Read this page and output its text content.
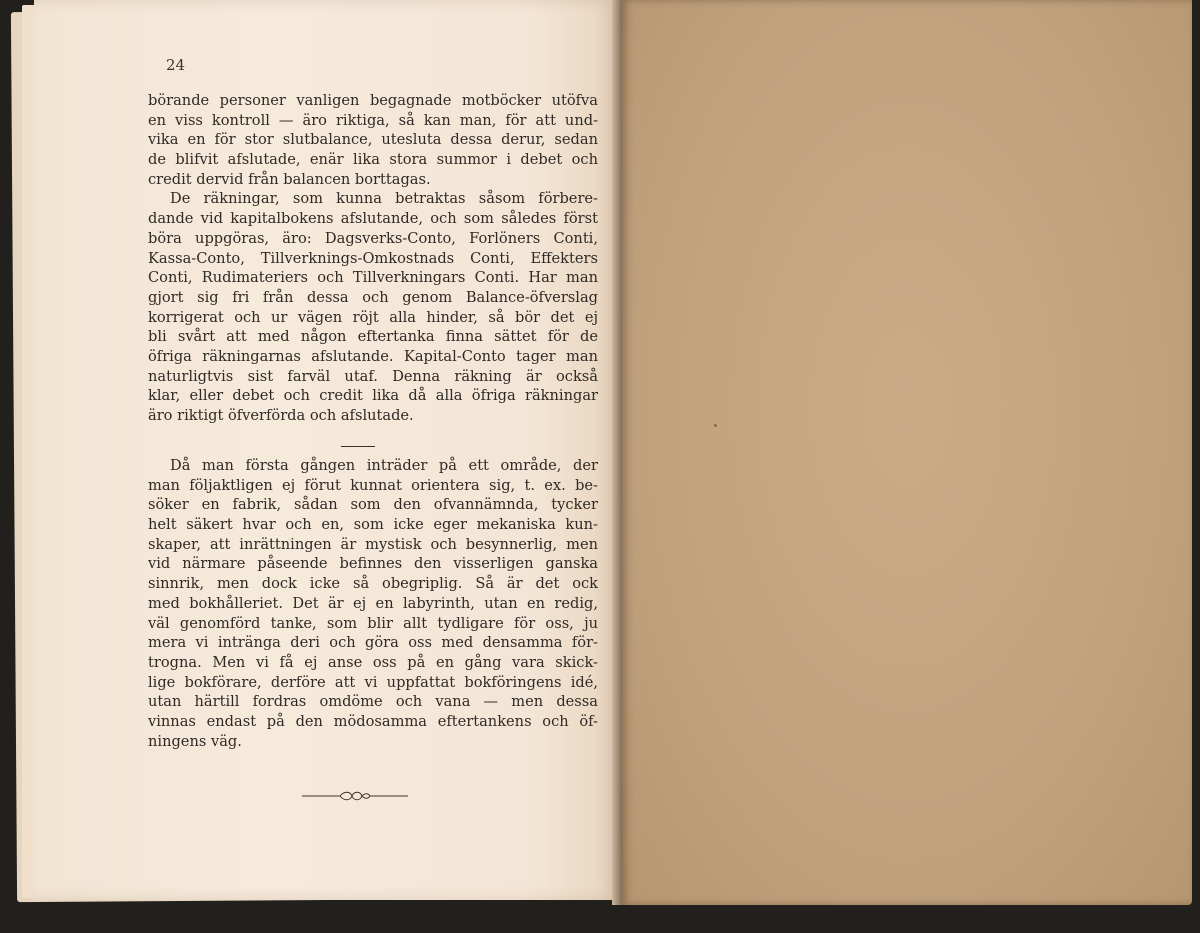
24
börande personer vanligen begagnade motböcker utöfva
en viss kontroll — äro riktiga, så kan man, för att und-
vika en för stor slutbalance, utesluta dessa derur, sedan
de blifvit afslutade, enär lika stora summor i debet och
credit dervid från balancen borttagas.
De räkningar, som kunna betraktas såsom förbere-
dande vid kapitalbokens afslutande, och som således först
böra uppgöras, äro: Dagsverks-Conto, Forlöners Conti,
Kassa-Conto, Tillverknings-Omkostnads Conti, Effekters
Conti, Rudimateriers och Tillverkningars Conti. Har man
gjort sig fri från dessa och genom Balance-öfverslag
korrigerat och ur vägen röjt alla hinder, så bör det ej
bli svårt att med någon eftertanka finna sättet för de
öfriga räkningarnas afslutande. Kapital-Conto tager man
naturligtvis sist farväl utaf. Denna räkning är också
klar, eller debet och credit lika då alla öfriga räkningar
äro riktigt öfverförda och afslutade.
Då man första gången inträder på ett område, der
man följaktligen ej förut kunnat orientera sig, t. ex. be-
söker en fabrik, sådan som den ofvannämnda, tycker
helt säkert hvar och en, som icke eger mekaniska kun-
skaper, att inrättningen är mystisk och besynnerlig, men
vid närmare påseende befinnes den visserligen ganska
sinnrik, men dock icke så obegriplig. Så är det ock
med bokhålleriet. Det är ej en labyrinth, utan en redig,
väl genomförd tanke, som blir allt tydligare för oss, ju
mera vi intränga deri och göra oss med densamma för-
trogna. Men vi få ej anse oss på en gång vara skick-
lige bokförare, derföre att vi uppfattat bokföringens idé,
utan härtill fordras omdöme och vana — men dessa
vinnas endast på den mödosamma eftertankens och öf-
ningens väg.
